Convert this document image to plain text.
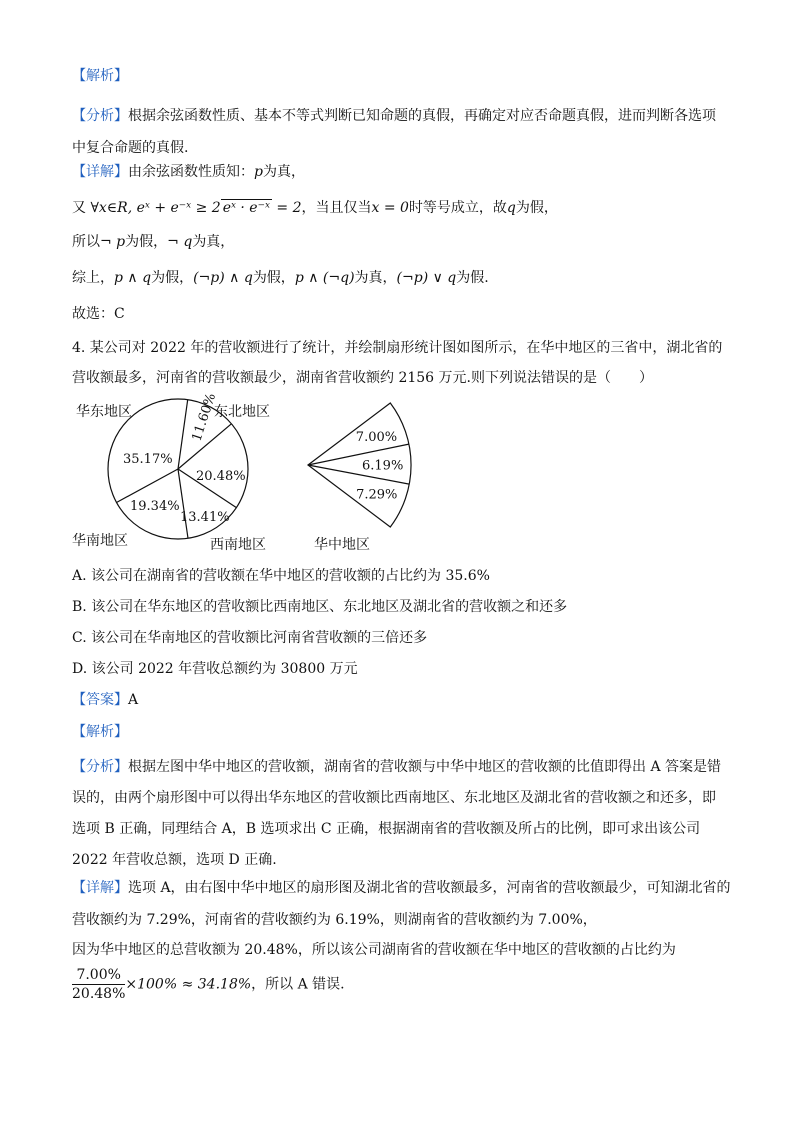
【解析】
【分析】根据余弦函数性质、基本不等式判断已知命题的真假，再确定对应否命题真假，进而判断各选项中复合命题的真假.
【详解】由余弦函数性质知：p为真，
又 ∀x∈R, eˣ + e⁻ˣ ≥ 2 eˣ · e⁻ˣ = 2，当且仅当x = 0时等号成立，故q为假，
所以¬ p为假，¬ q为真，
综上，p ∧ q为假，(¬p) ∧ q为假，p ∧ (¬q)为真，(¬p) ∨ q为假.
故选：C
4. 某公司对 2022 年的营收额进行了统计，并绘制扇形统计图如图所示，在华中地区的三省中，湖北省的
营收额最多，河南省的营收额最少，湖南省营收额约 2156 万元.则下列说法错误的是（　　）
35.17%
11.60%
20.48%
13.41%
19.34%
华东地区	东北地区
西南地区
华南地区
7.00%
6.19%
7.29%
华中地区
A. 该公司在湖南省的营收额在华中地区的营收额的占比约为 35.6%
B. 该公司在华东地区的营收额比西南地区、东北地区及湖北省的营收额之和还多
C. 该公司在华南地区的营收额比河南省营收额的三倍还多
D. 该公司 2022 年营收总额约为 30800 万元
【答案】A
【解析】
【分析】根据左图中华中地区的营收额，湖南省的营收额与中华中地区的营收额的比值即得出 A 答案是错误的，由两个扇形图中可以得出华东地区的营收额比西南地区、东北地区及湖北省的营收额之和还多，即选项 B 正确，同理结合 A，B 选项求出 C 正确，根据湖南省的营收额及所占的比例，即可求出该公司 2022 年营收总额，选项 D 正确.
【详解】选项 A，由右图中华中地区的扇形图及湖北省的营收额最多，河南省的营收额最少，可知湖北省的
营收额约为 7.29%，河南省的营收额约为 6.19%，则湖南省的营收额约为 7.00%，
因为华中地区的总营收额为 20.48%，所以该公司湖南省的营收额在华中地区的营收额的占比约为
$\frac{7.00\%}{20.48\%} \times 100\% \approx 34.18\%$，所以 A 错误.
